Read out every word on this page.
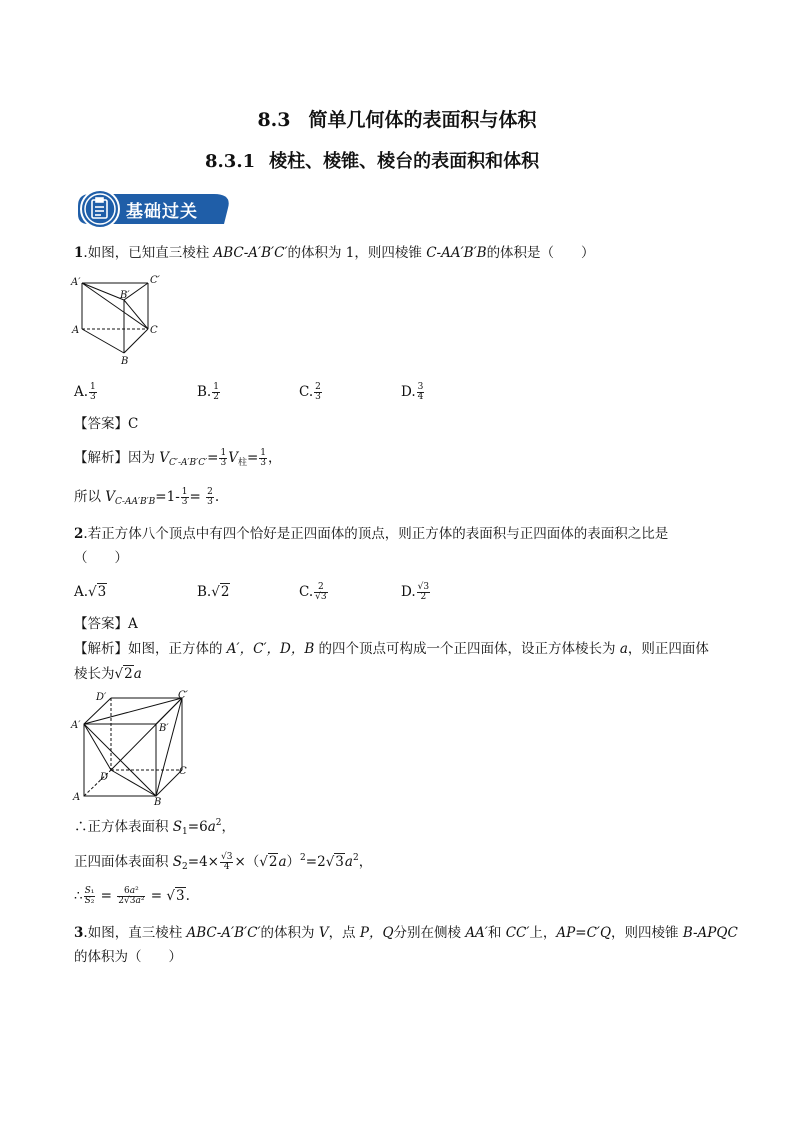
8.3 简单几何体的表面积与体积
8.3.1 棱柱、棱锥、棱台的表面积和体积
基础过关
1.如图，已知直三棱柱 ABC-A′B′C′的体积为 1，则四棱锥 C-AA′B′B的体积是（　　）
A′
B′
C′
A
B
C
A. $\frac{1}{3}$	B. $\frac{1}{2}$	C. $\frac{2}{3}$	D. $\frac{3}{4}$
【答案】C
【解析】因为 $V_{C'-A'B'C'}= \frac{1}{3} V_柱= \frac{1}{3}$ ，
所以 $V_{C-AA'B'B}=1- \frac{1}{3} = \frac{2}{3}$ .
2.若正方体八个顶点中有四个恰好是正四面体的顶点，则正方体的表面积与正四面体的表面积之比是
（　　）
A.√3	B.√2	C. $\frac{2}{√3}$	D. $\frac{√3}{2}$
【答案】A
【解析】如图，正方体的 A′，C′，D，B 的四个顶点可构成一个正四面体，设正方体棱长为 a，则正四面体
棱长为√2a
D′	C′
A′	B′
D
C
A	B
∴正方体表面积 $S_1=6a^2$，
正四面体表面积 $S_2=4\times \frac{√3}{4} \times(√2a)^2=2√3a^2$，
∴ $\frac{\text{S₁}}{\text{S₂}} = \frac{\text{6a²}}{\text{2√3a²}} = √3$.
3.如图，直三棱柱 ABC-A′B′C′的体积为 V，点 P，Q分别在侧棱 AA′和 CC′上，AP=C′Q，则四棱锥 B-APQC
的体积为（　　）
